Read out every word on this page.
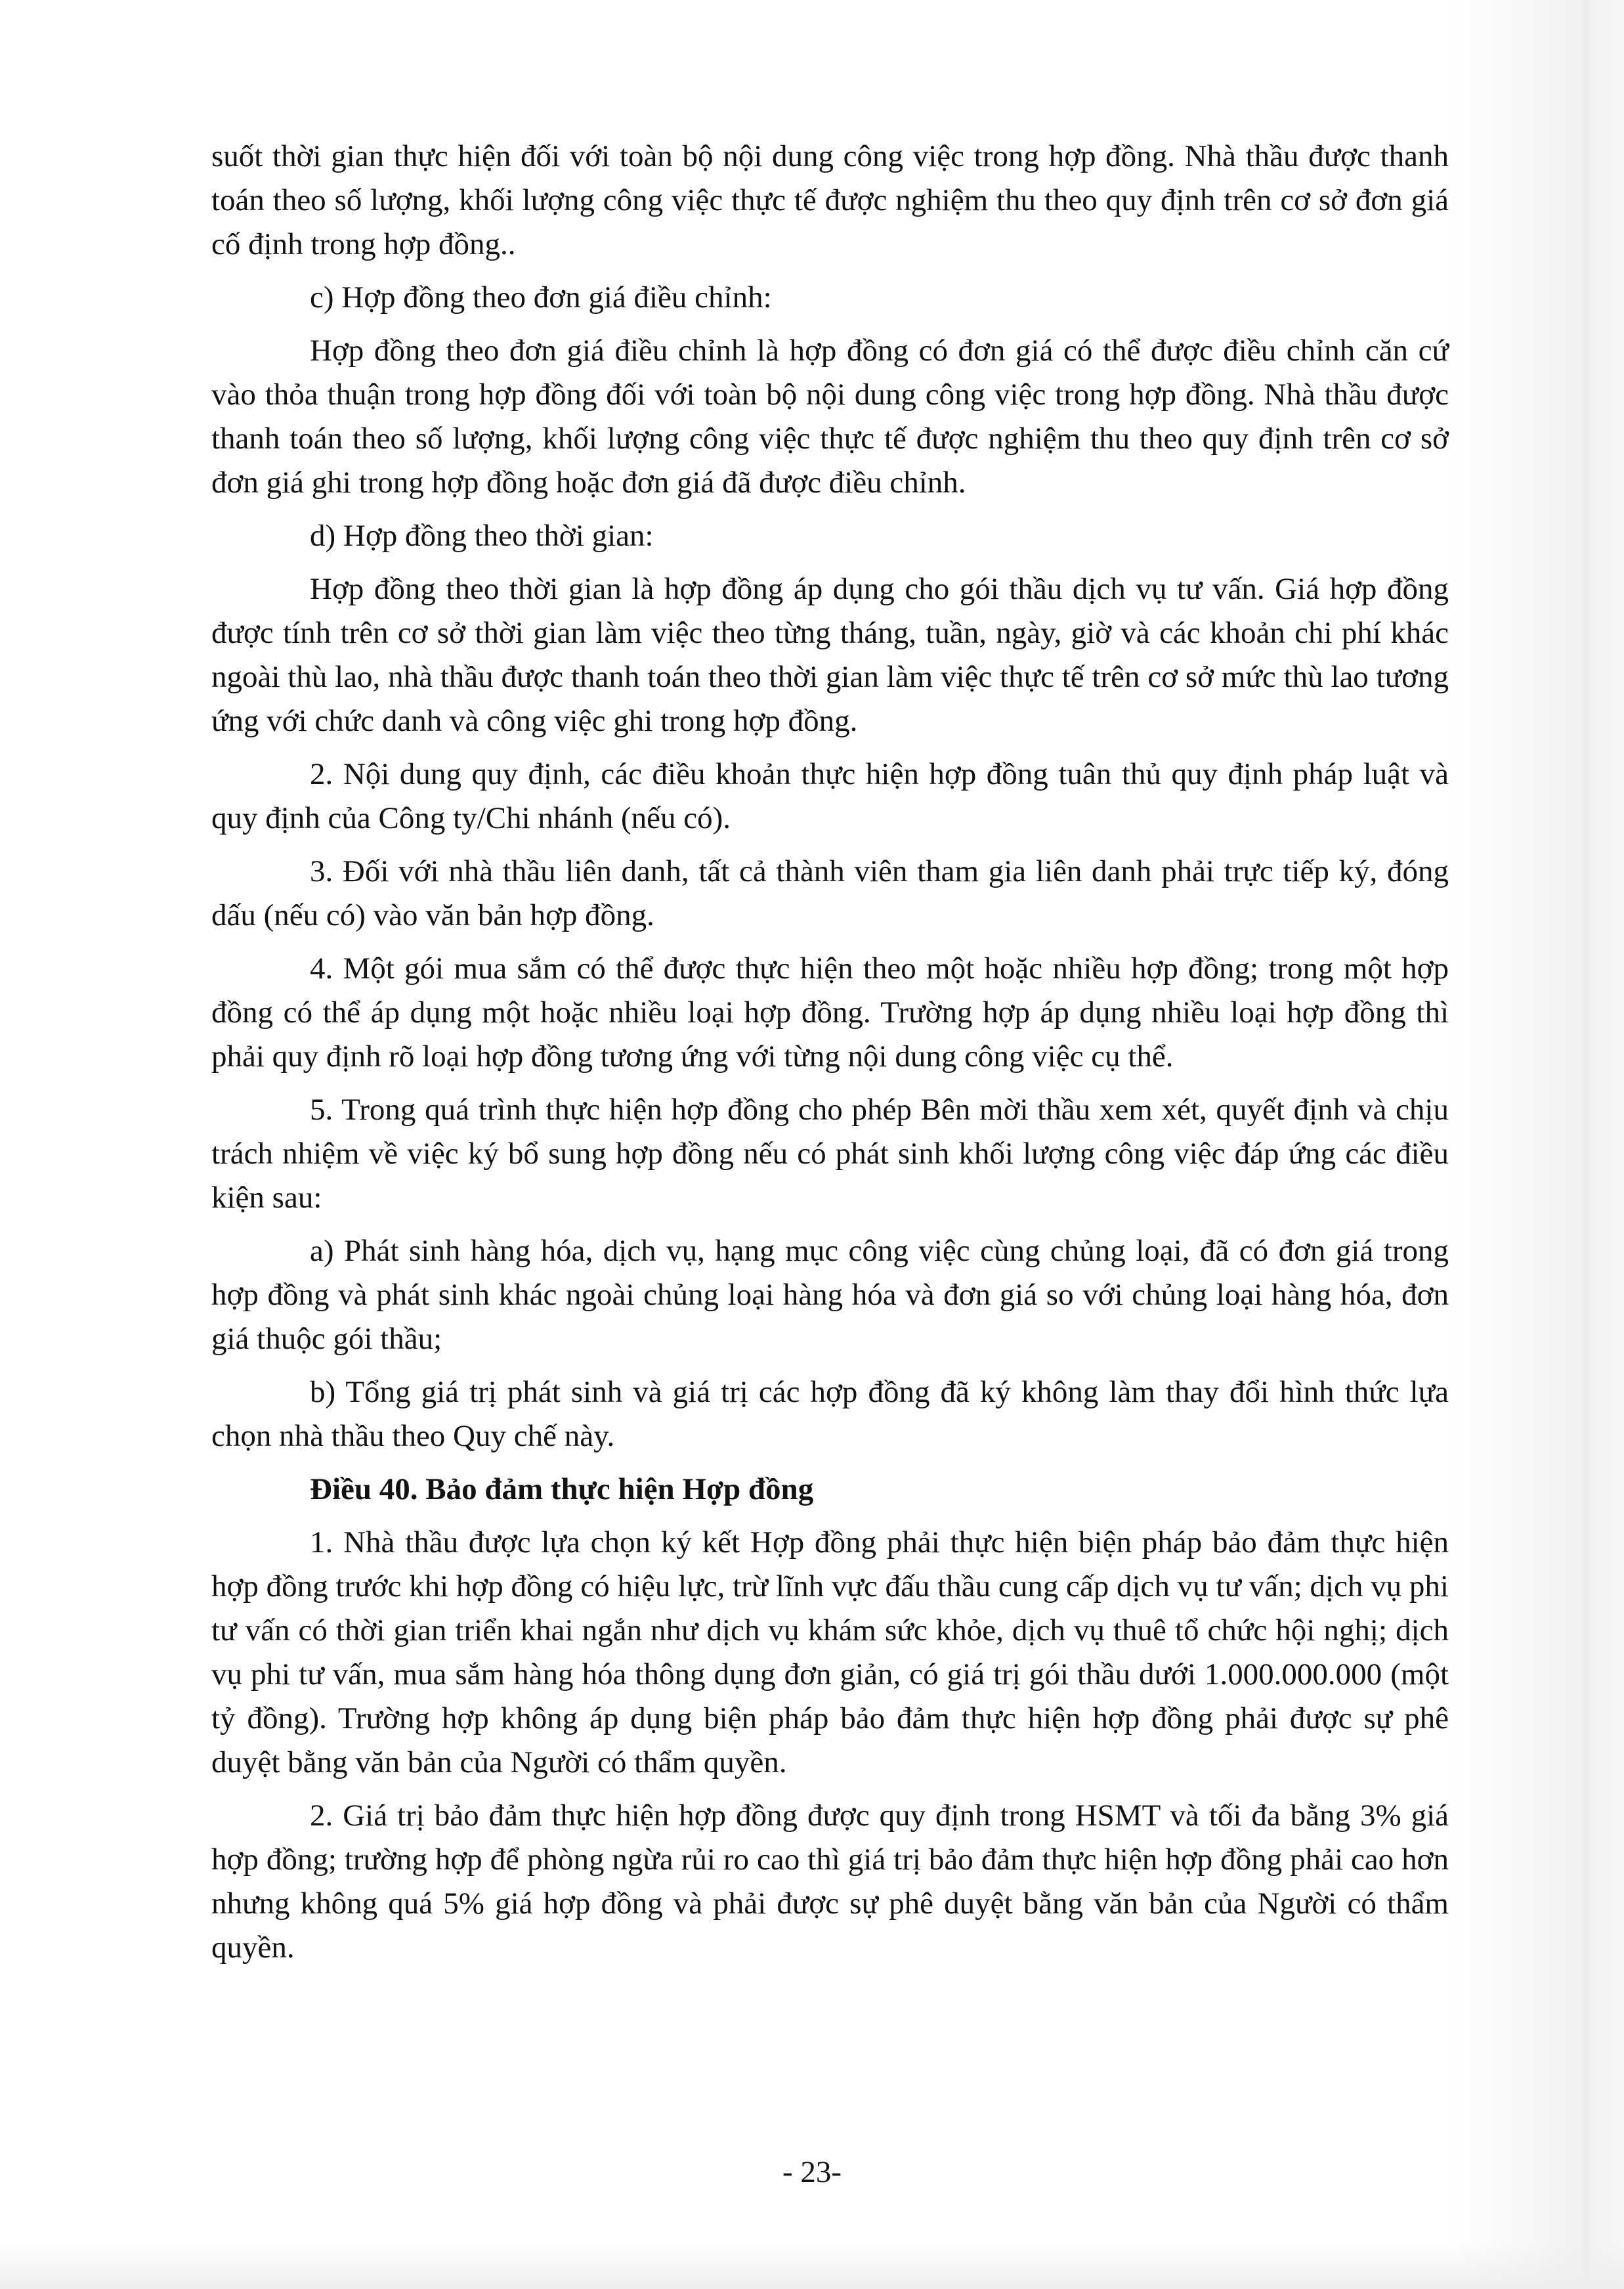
suốt thời gian thực hiện đối với toàn bộ nội dung công việc trong hợp đồng. Nhà thầu được thanh toán theo số lượng, khối lượng công việc thực tế được nghiệm thu theo quy định trên cơ sở đơn giá cố định trong hợp đồng..

c) Hợp đồng theo đơn giá điều chỉnh:

Hợp đồng theo đơn giá điều chỉnh là hợp đồng có đơn giá có thể được điều chỉnh căn cứ vào thỏa thuận trong hợp đồng đối với toàn bộ nội dung công việc trong hợp đồng. Nhà thầu được thanh toán theo số lượng, khối lượng công việc thực tế được nghiệm thu theo quy định trên cơ sở đơn giá ghi trong hợp đồng hoặc đơn giá đã được điều chỉnh.

d) Hợp đồng theo thời gian:

Hợp đồng theo thời gian là hợp đồng áp dụng cho gói thầu dịch vụ tư vấn. Giá hợp đồng được tính trên cơ sở thời gian làm việc theo từng tháng, tuần, ngày, giờ và các khoản chi phí khác ngoài thù lao, nhà thầu được thanh toán theo thời gian làm việc thực tế trên cơ sở mức thù lao tương ứng với chức danh và công việc ghi trong hợp đồng.

2. Nội dung quy định, các điều khoản thực hiện hợp đồng tuân thủ quy định pháp luật và quy định của Công ty/Chi nhánh (nếu có).

3. Đối với nhà thầu liên danh, tất cả thành viên tham gia liên danh phải trực tiếp ký, đóng dấu (nếu có) vào văn bản hợp đồng.

4. Một gói mua sắm có thể được thực hiện theo một hoặc nhiều hợp đồng; trong một hợp đồng có thể áp dụng một hoặc nhiều loại hợp đồng. Trường hợp áp dụng nhiều loại hợp đồng thì phải quy định rõ loại hợp đồng tương ứng với từng nội dung công việc cụ thể.

5. Trong quá trình thực hiện hợp đồng cho phép Bên mời thầu xem xét, quyết định và chịu trách nhiệm về việc ký bổ sung hợp đồng nếu có phát sinh khối lượng công việc đáp ứng các điều kiện sau:

a) Phát sinh hàng hóa, dịch vụ, hạng mục công việc cùng chủng loại, đã có đơn giá trong hợp đồng và phát sinh khác ngoài chủng loại hàng hóa và đơn giá so với chủng loại hàng hóa, đơn giá thuộc gói thầu;

b) Tổng giá trị phát sinh và giá trị các hợp đồng đã ký không làm thay đổi hình thức lựa chọn nhà thầu theo Quy chế này.

Điều 40. Bảo đảm thực hiện Hợp đồng

1. Nhà thầu được lựa chọn ký kết Hợp đồng phải thực hiện biện pháp bảo đảm thực hiện hợp đồng trước khi hợp đồng có hiệu lực, trừ lĩnh vực đấu thầu cung cấp dịch vụ tư vấn; dịch vụ phi tư vấn có thời gian triển khai ngắn như dịch vụ khám sức khỏe, dịch vụ thuê tổ chức hội nghị; dịch vụ phi tư vấn, mua sắm hàng hóa thông dụng đơn giản, có giá trị gói thầu dưới 1.000.000.000 (một tỷ đồng). Trường hợp không áp dụng biện pháp bảo đảm thực hiện hợp đồng phải được sự phê duyệt bằng văn bản của Người có thẩm quyền.

2. Giá trị bảo đảm thực hiện hợp đồng được quy định trong HSMT và tối đa bằng 3% giá hợp đồng; trường hợp để phòng ngừa rủi ro cao thì giá trị bảo đảm thực hiện hợp đồng phải cao hơn nhưng không quá 5% giá hợp đồng và phải được sự phê duyệt bằng văn bản của Người có thẩm quyền.

- 23-
